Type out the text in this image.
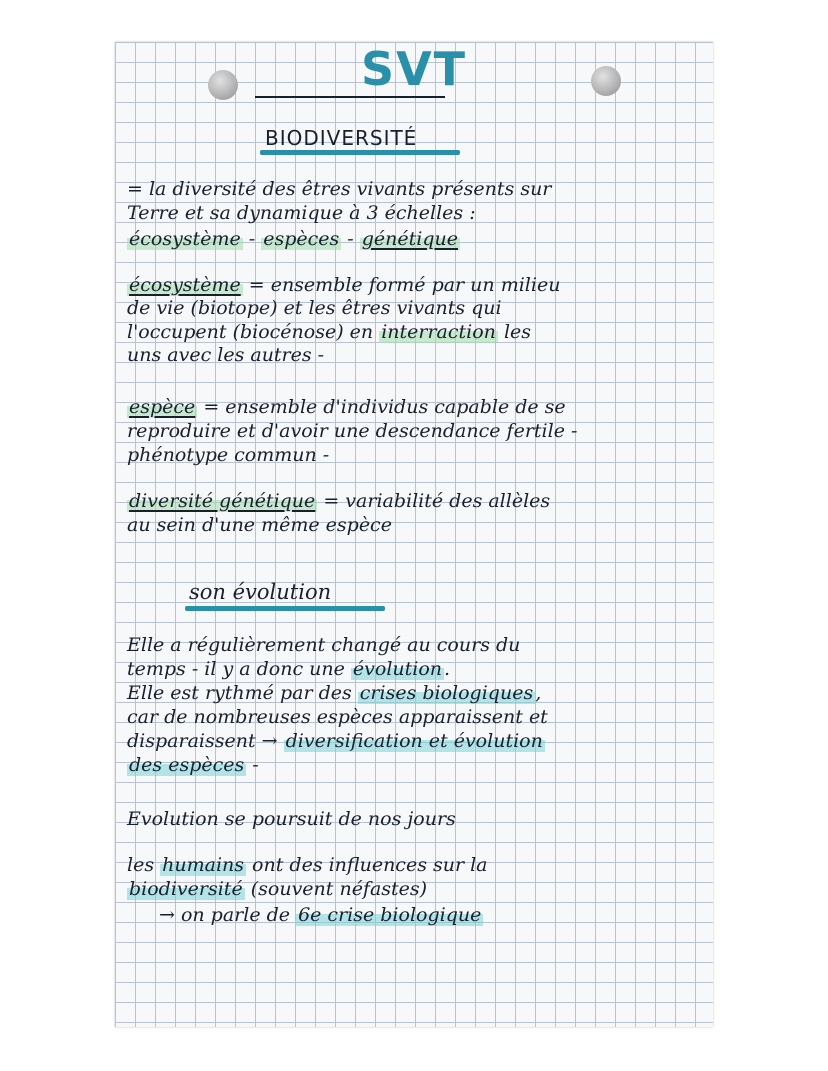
SVT
BIODIVERSITÉ
= la diversité des êtres vivants présents sur
Terre et sa dynamique à 3 échelles :
écosystème - espèces - génétique
écosystème = ensemble formé par un milieu
de vie (biotope) et les êtres vivants qui
l'occupent (biocénose) en interraction les
uns avec les autres -
espèce = ensemble d'individus capable de se
reproduire et d'avoir une descendance fertile -
phénotype commun -
diversité génétique = variabilité des allèles
au sein d'une même espèce
son évolution
Elle a régulièrement changé au cours du
temps - il y a donc une évolution .
Elle est rythmé par des crises biologiques ,
car de nombreuses espèces apparaissent et
disparaissent → diversification et évolution
des espèces -
Evolution se poursuit de nos jours
les humains ont des influences sur la
biodiversité (souvent néfastes)
→ on parle de 6e crise biologique
